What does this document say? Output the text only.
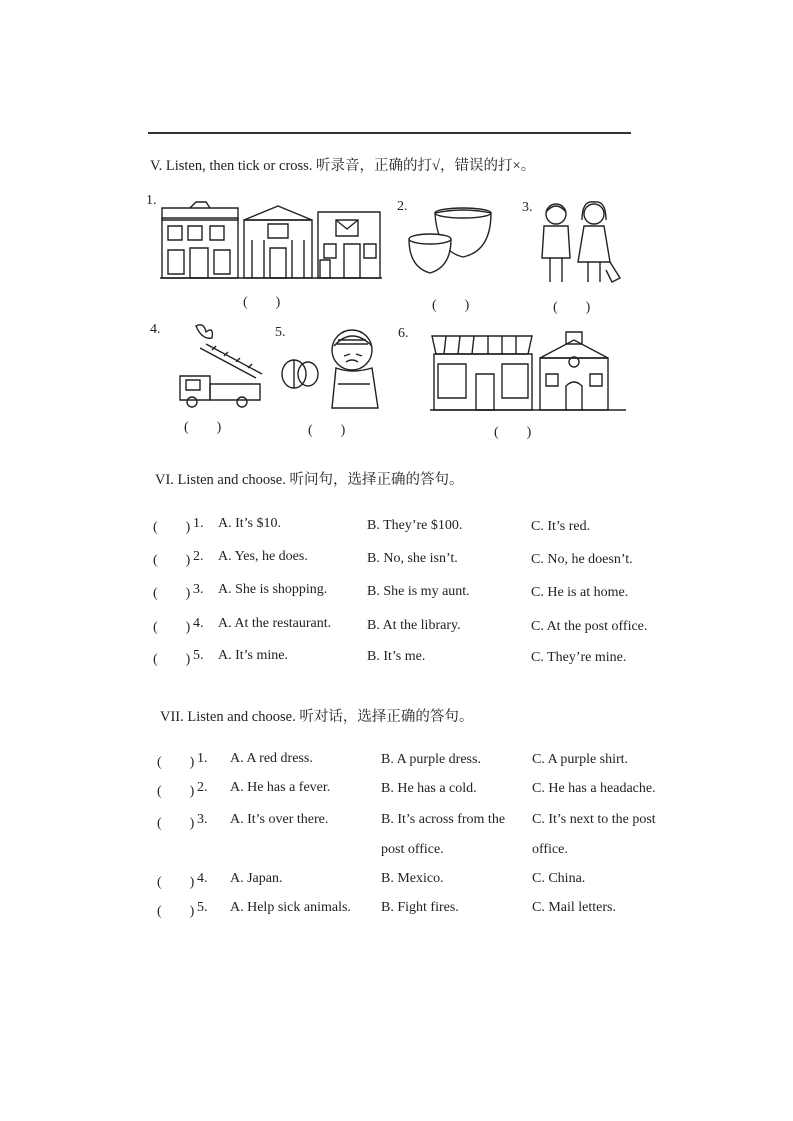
V. Listen, then tick or cross. 听录音，正确的打√，错误的打×。
1.
(　　)
2.
(　　)
3.
(　　)
4.
(　　)
5.
(　　)
6.
(　　)
VI. Listen and choose. 听问句，选择正确的答句。
(　　) 1. A. It’s $10.	B. They’re $100.	C. It’s red.
(　　) 2. A. Yes, he does.	B. No, she isn’t.	C. No, he doesn’t.
(　　) 3. A. She is shopping.	B. She is my aunt.	C. He is at home.
(　　) 4. A. At the restaurant.	B. At the library.	C. At the post office.
(　　) 5. A. It’s mine.	B. It’s me.	C. They’re mine.
VII. Listen and choose. 听对话，选择正确的答句。
(　　) 1. A. A red dress.	B. A purple dress.	C. A purple shirt.
(　　) 2. A. He has a fever.	B. He has a cold.	C. He has a headache.
(　　) 3. A. It’s over there.	B. It’s across from the
post office.
C. It’s next to the post
office.
(　　) 4. A. Japan.	B. Mexico.	C. China.
(　　) 5. A. Help sick animals. B. Fight fires.	C. Mail letters.
